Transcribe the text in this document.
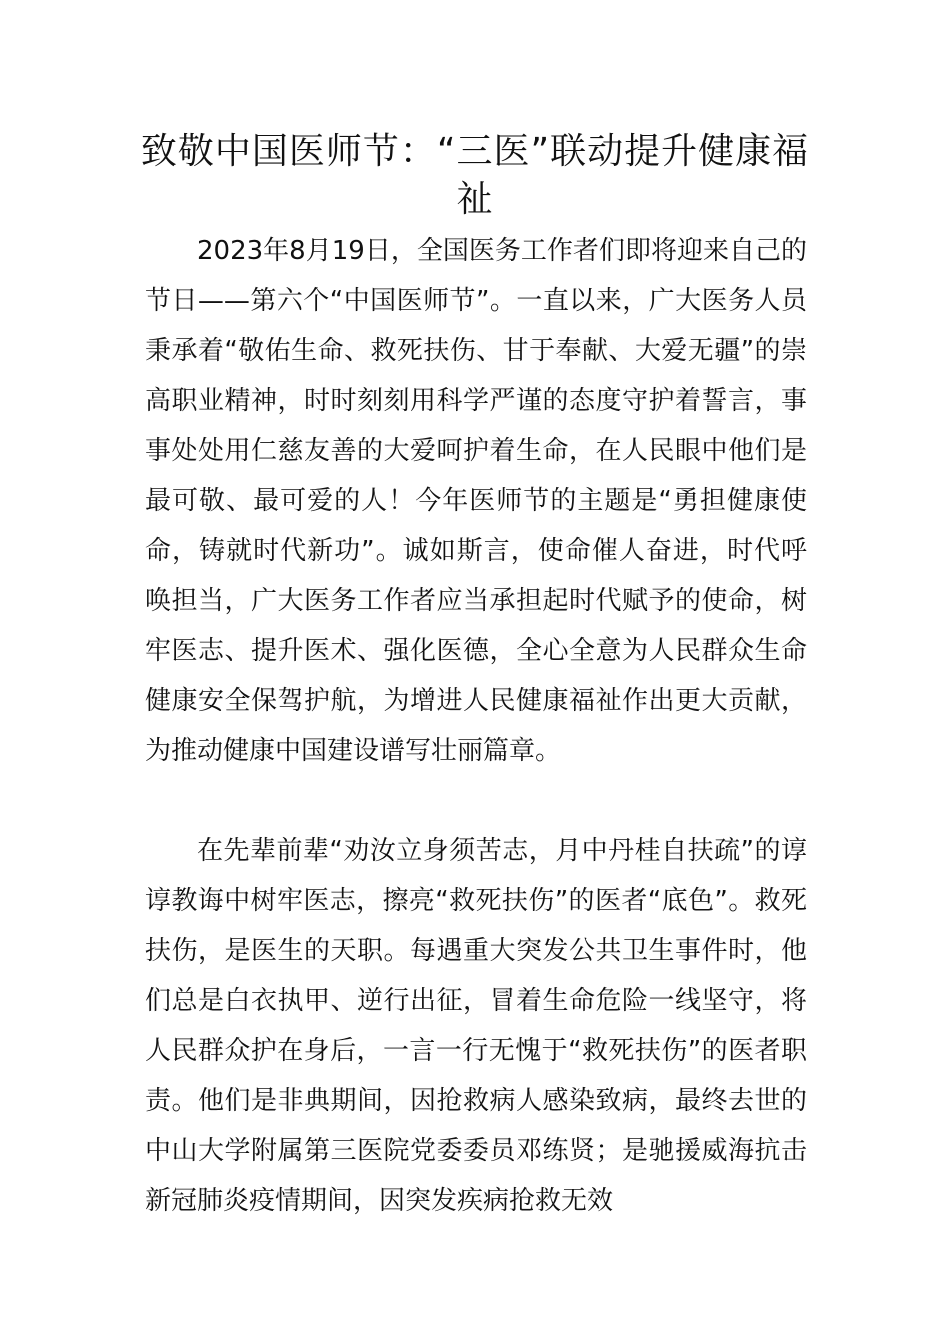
致敬中国医师节：“三医”联动提升健康福祉

2023年8月19日，全国医务工作者们即将迎来自己的节日——第六个“中国医师节”。一直以来，广大医务人员秉承着“敬佑生命、救死扶伤、甘于奉献、大爱无疆”的崇高职业精神，时时刻刻用科学严谨的态度守护着誓言，事事处处用仁慈友善的大爱呵护着生命，在人民眼中他们是最可敬、最可爱的人！今年医师节的主题是“勇担健康使命，铸就时代新功”。诚如斯言，使命催人奋进，时代呼唤担当，广大医务工作者应当承担起时代赋予的使命，树牢医志、提升医术、强化医德，全心全意为人民群众生命健康安全保驾护航，为增进人民健康福祉作出更大贡献，为推动健康中国建设谱写壮丽篇章。

在先辈前辈“劝汝立身须苦志，月中丹桂自扶疏”的谆谆教诲中树牢医志，擦亮“救死扶伤”的医者“底色”。救死扶伤，是医生的天职。每遇重大突发公共卫生事件时，他们总是白衣执甲、逆行出征，冒着生命危险一线坚守，将人民群众护在身后，一言一行无愧于“救死扶伤”的医者职责。他们是非典期间，因抢救病人感染致病，最终去世的中山大学附属第三医院党委委员邓练贤；是驰援威海抗击新冠肺炎疫情期间，因突发疾病抢救无效
